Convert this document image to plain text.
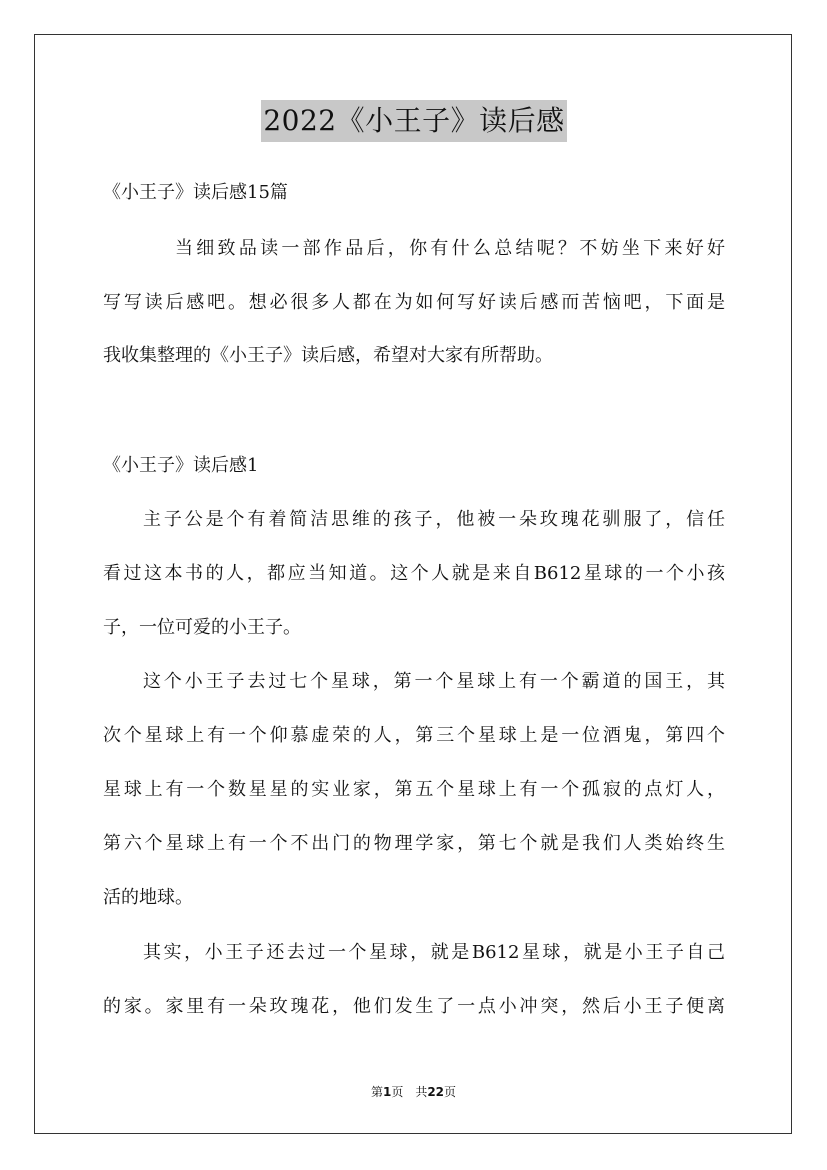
2022《小王子》读后感
《小王子》读后感15篇
当细致品读一部作品后，你有什么总结呢？不妨坐下来好好
写写读后感吧。想必很多人都在为如何写好读后感而苦恼吧，下面是
我收集整理的《小王子》读后感，希望对大家有所帮助。
《小王子》读后感1
主子公是个有着简洁思维的孩子，他被一朵玫瑰花驯服了，信任
看过这本书的人，都应当知道。这个人就是来自B612星球的一个小孩
子，一位可爱的小王子。
这个小王子去过七个星球，第一个星球上有一个霸道的国王，其
次个星球上有一个仰慕虚荣的人，第三个星球上是一位酒鬼，第四个
星球上有一个数星星的实业家，第五个星球上有一个孤寂的点灯人，
第六个星球上有一个不出门的物理学家，第七个就是我们人类始终生
活的地球。
其实，小王子还去过一个星球，就是B612星球，就是小王子自己
的家。家里有一朵玫瑰花，他们发生了一点小冲突，然后小王子便离
第1页　共22页
